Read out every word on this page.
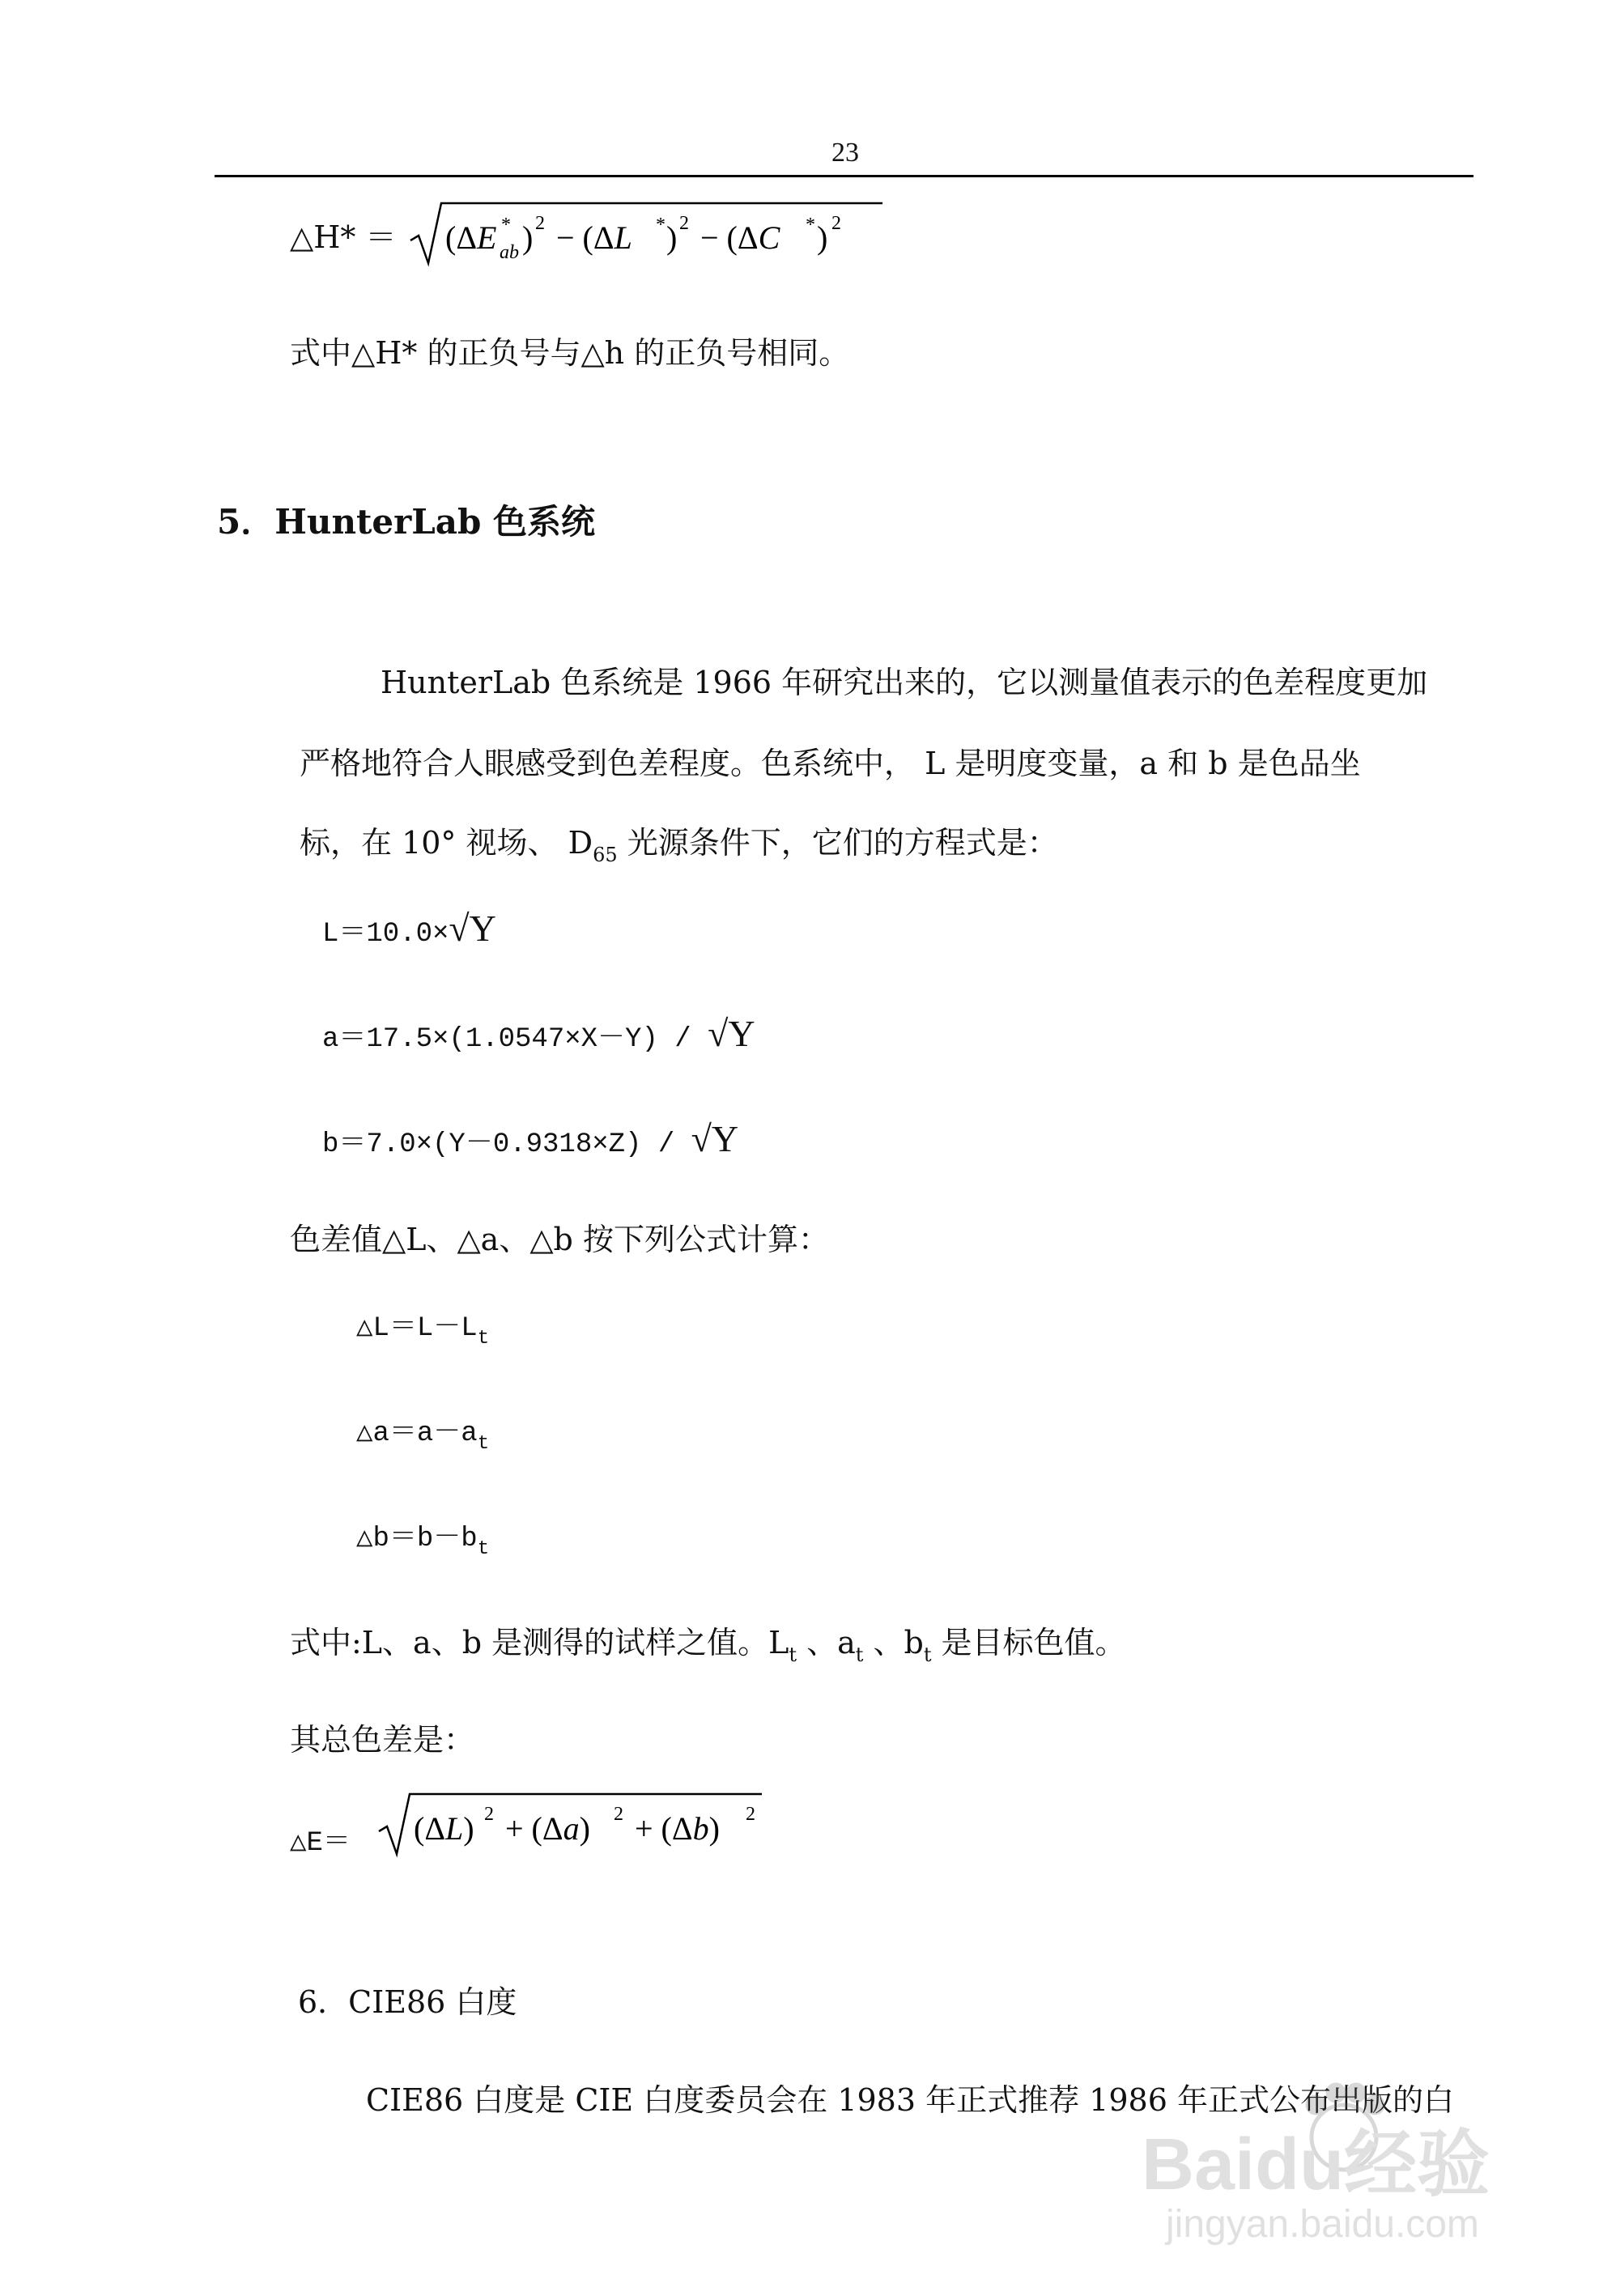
23
△H* ＝ (ΔE *
ab ) 2 − (ΔL * ) 2 − (ΔC * ) 2
式中△H* 的正负号与△h 的正负号相同。
5．HunterLab 色系统
HunterLab 色系统是 1966 年研究出来的，它以测量值表示的色差程度更加
严格地符合人眼感受到色差程度。色系统中， L 是明度变量，a 和 b 是色品坐
标，在 10° 视场、 $D_{65}$ 光源条件下，它们的方程式是：
L＝10.0×√Y
a＝17.5×(1.0547×X－Y) / √Y
b＝7.0×(Y－0.9318×Z) / √Y
色差值△L、△a、△b 按下列公式计算：
$\triangle L=L-L_t$
$\triangle a=a-a_t$
$\triangle b=b-b_t$
式中:L、a、b 是测得的试样之值。$L_t$ 、$a_t$ 、$b_t$ 是目标色值。
其总色差是：
△E＝ (ΔL) 2 + (Δa) 2 + (Δb) 2
6．CIE86 白度
CIE86 白度是 CIE 白度委员会在 1983 年正式推荐 1986 年正式公布出版的白
Baidu经验
jingyan.baidu.com
